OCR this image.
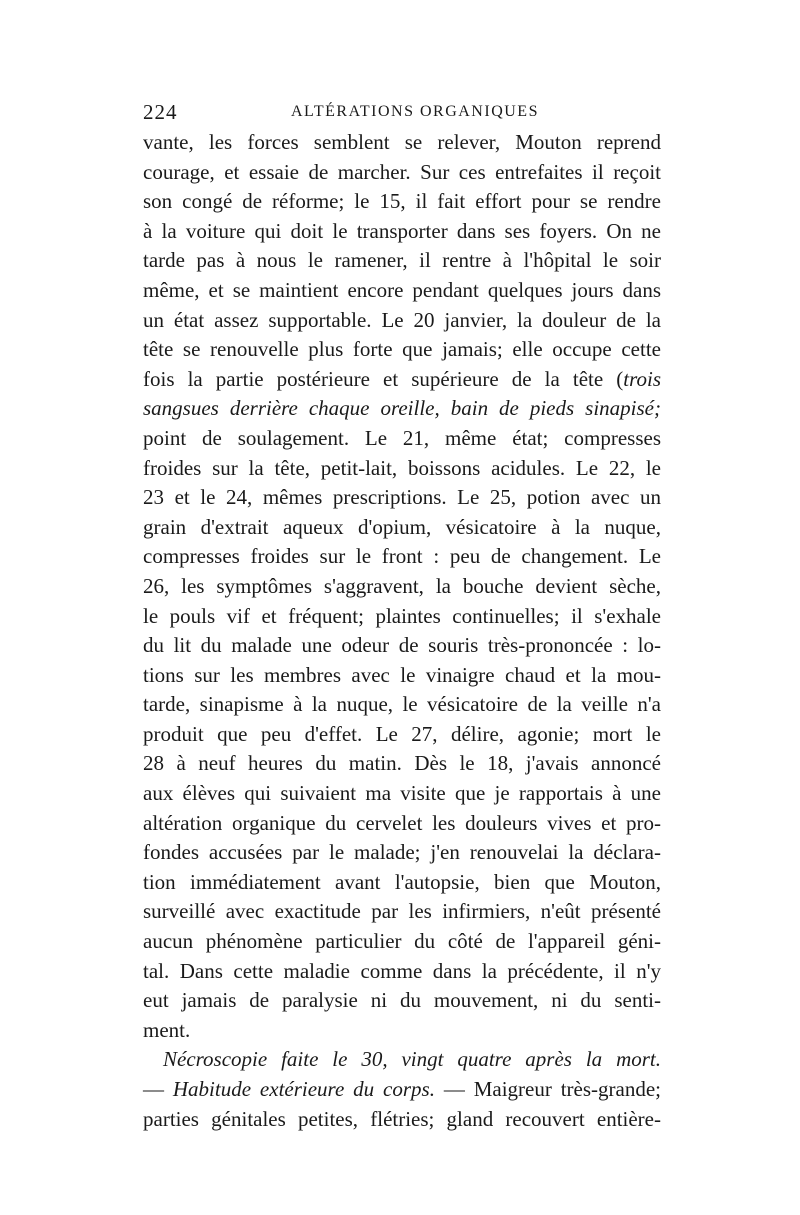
224	ALTÉRATIONS ORGANIQUES
vante, les forces semblent se relever, Mouton reprend
courage, et essaie de marcher. Sur ces entrefaites il reçoit
son congé de réforme; le 15, il fait effort pour se rendre
à la voiture qui doit le transporter dans ses foyers. On ne
tarde pas à nous le ramener, il rentre à l'hôpital le soir
même, et se maintient encore pendant quelques jours dans
un état assez supportable. Le 20 janvier, la douleur de la
tête se renouvelle plus forte que jamais; elle occupe cette
fois la partie postérieure et supérieure de la tête (trois
sangsues derrière chaque oreille, bain de pieds sinapisé;
point de soulagement. Le 21, même état; compresses
froides sur la tête, petit-lait, boissons acidules. Le 22, le
23 et le 24, mêmes prescriptions. Le 25, potion avec un
grain d'extrait aqueux d'opium, vésicatoire à la nuque,
compresses froides sur le front : peu de changement. Le
26, les symptômes s'aggravent, la bouche devient sèche,
le pouls vif et fréquent; plaintes continuelles; il s'exhale
du lit du malade une odeur de souris très-prononcée : lo-
tions sur les membres avec le vinaigre chaud et la mou-
tarde, sinapisme à la nuque, le vésicatoire de la veille n'a
produit que peu d'effet. Le 27, délire, agonie; mort le
28 à neuf heures du matin. Dès le 18, j'avais annoncé
aux élèves qui suivaient ma visite que je rapportais à une
altération organique du cervelet les douleurs vives et pro-
fondes accusées par le malade; j'en renouvelai la déclara-
tion immédiatement avant l'autopsie, bien que Mouton,
surveillé avec exactitude par les infirmiers, n'eût présenté
aucun phénomène particulier du côté de l'appareil géni-
tal. Dans cette maladie comme dans la précédente, il n'y
eut jamais de paralysie ni du mouvement, ni du senti-
ment.
Nécroscopie faite le 30, vingt quatre après la mort.
— Habitude extérieure du corps. — Maigreur très-grande;
parties génitales petites, flétries; gland recouvert entière-
